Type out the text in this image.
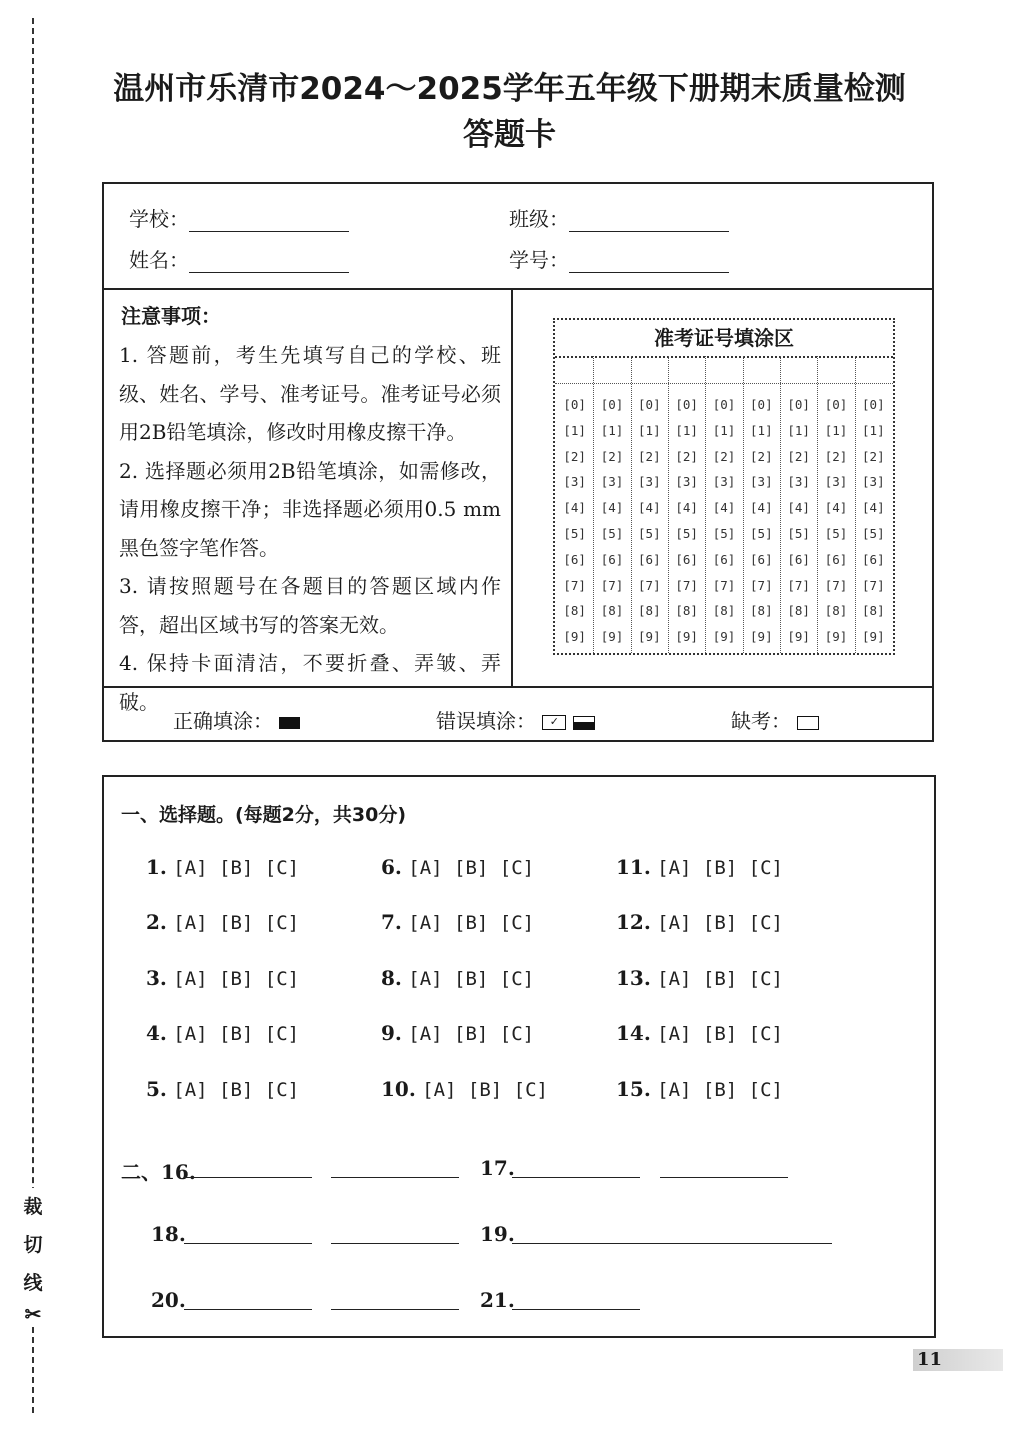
裁
切
线
✂
温州市乐清市2024～2025学年五年级下册期末质量检测
答题卡
学校：	班级：
姓名：	学号：
注意事项：

1. 答题前，考生先填写自己的学校、班级、姓名、学号、准考证号。准考证号必须用2B铅笔填涂，修改时用橡皮擦干净。

2. 选择题必须用2B铅笔填涂，如需修改，请用橡皮擦干净；非选择题必须用0.5 mm黑色签字笔作答。

3. 请按照题号在各题目的答题区域内作答，超出区域书写的答案无效。

4. 保持卡面清洁，不要折叠、弄皱、弄破。

准考证号填涂区
[0]	[0]	[0]	[0]	[0]	[0]	[0]	[0]	[0]
[1]	[1]	[1]	[1]	[1]	[1]	[1]	[1]	[1]
[2]	[2]	[2]	[2]	[2]	[2]	[2]	[2]	[2]
[3]	[3]	[3]	[3]	[3]	[3]	[3]	[3]	[3]
[4]	[4]	[4]	[4]	[4]	[4]	[4]	[4]	[4]
[5]	[5]	[5]	[5]	[5]	[5]	[5]	[5]	[5]
[6]	[6]	[6]	[6]	[6]	[6]	[6]	[6]	[6]
[7]	[7]	[7]	[7]	[7]	[7]	[7]	[7]	[7]
[8]	[8]	[8]	[8]	[8]	[8]	[8]	[8]	[8]
[9]	[9]	[9]	[9]	[9]	[9]	[9]	[9]	[9]
正确填涂：	错误填涂： ✓	缺考：
一、选择题。(每题2分，共30分)
1. [A] [B] [C]
2. [A] [B] [C]
3. [A] [B] [C]
4. [A] [B] [C]
5. [A] [B] [C]
6. [A] [B] [C]
7. [A] [B] [C]
8. [A] [B] [C]
9. [A] [B] [C]
10. [A] [B] [C]
11. [A] [B] [C]
12. [A] [B] [C]
13. [A] [B] [C]
14. [A] [B] [C]
15. [A] [B] [C]
二、16.	17.
18.	19.
20.	21.
11
